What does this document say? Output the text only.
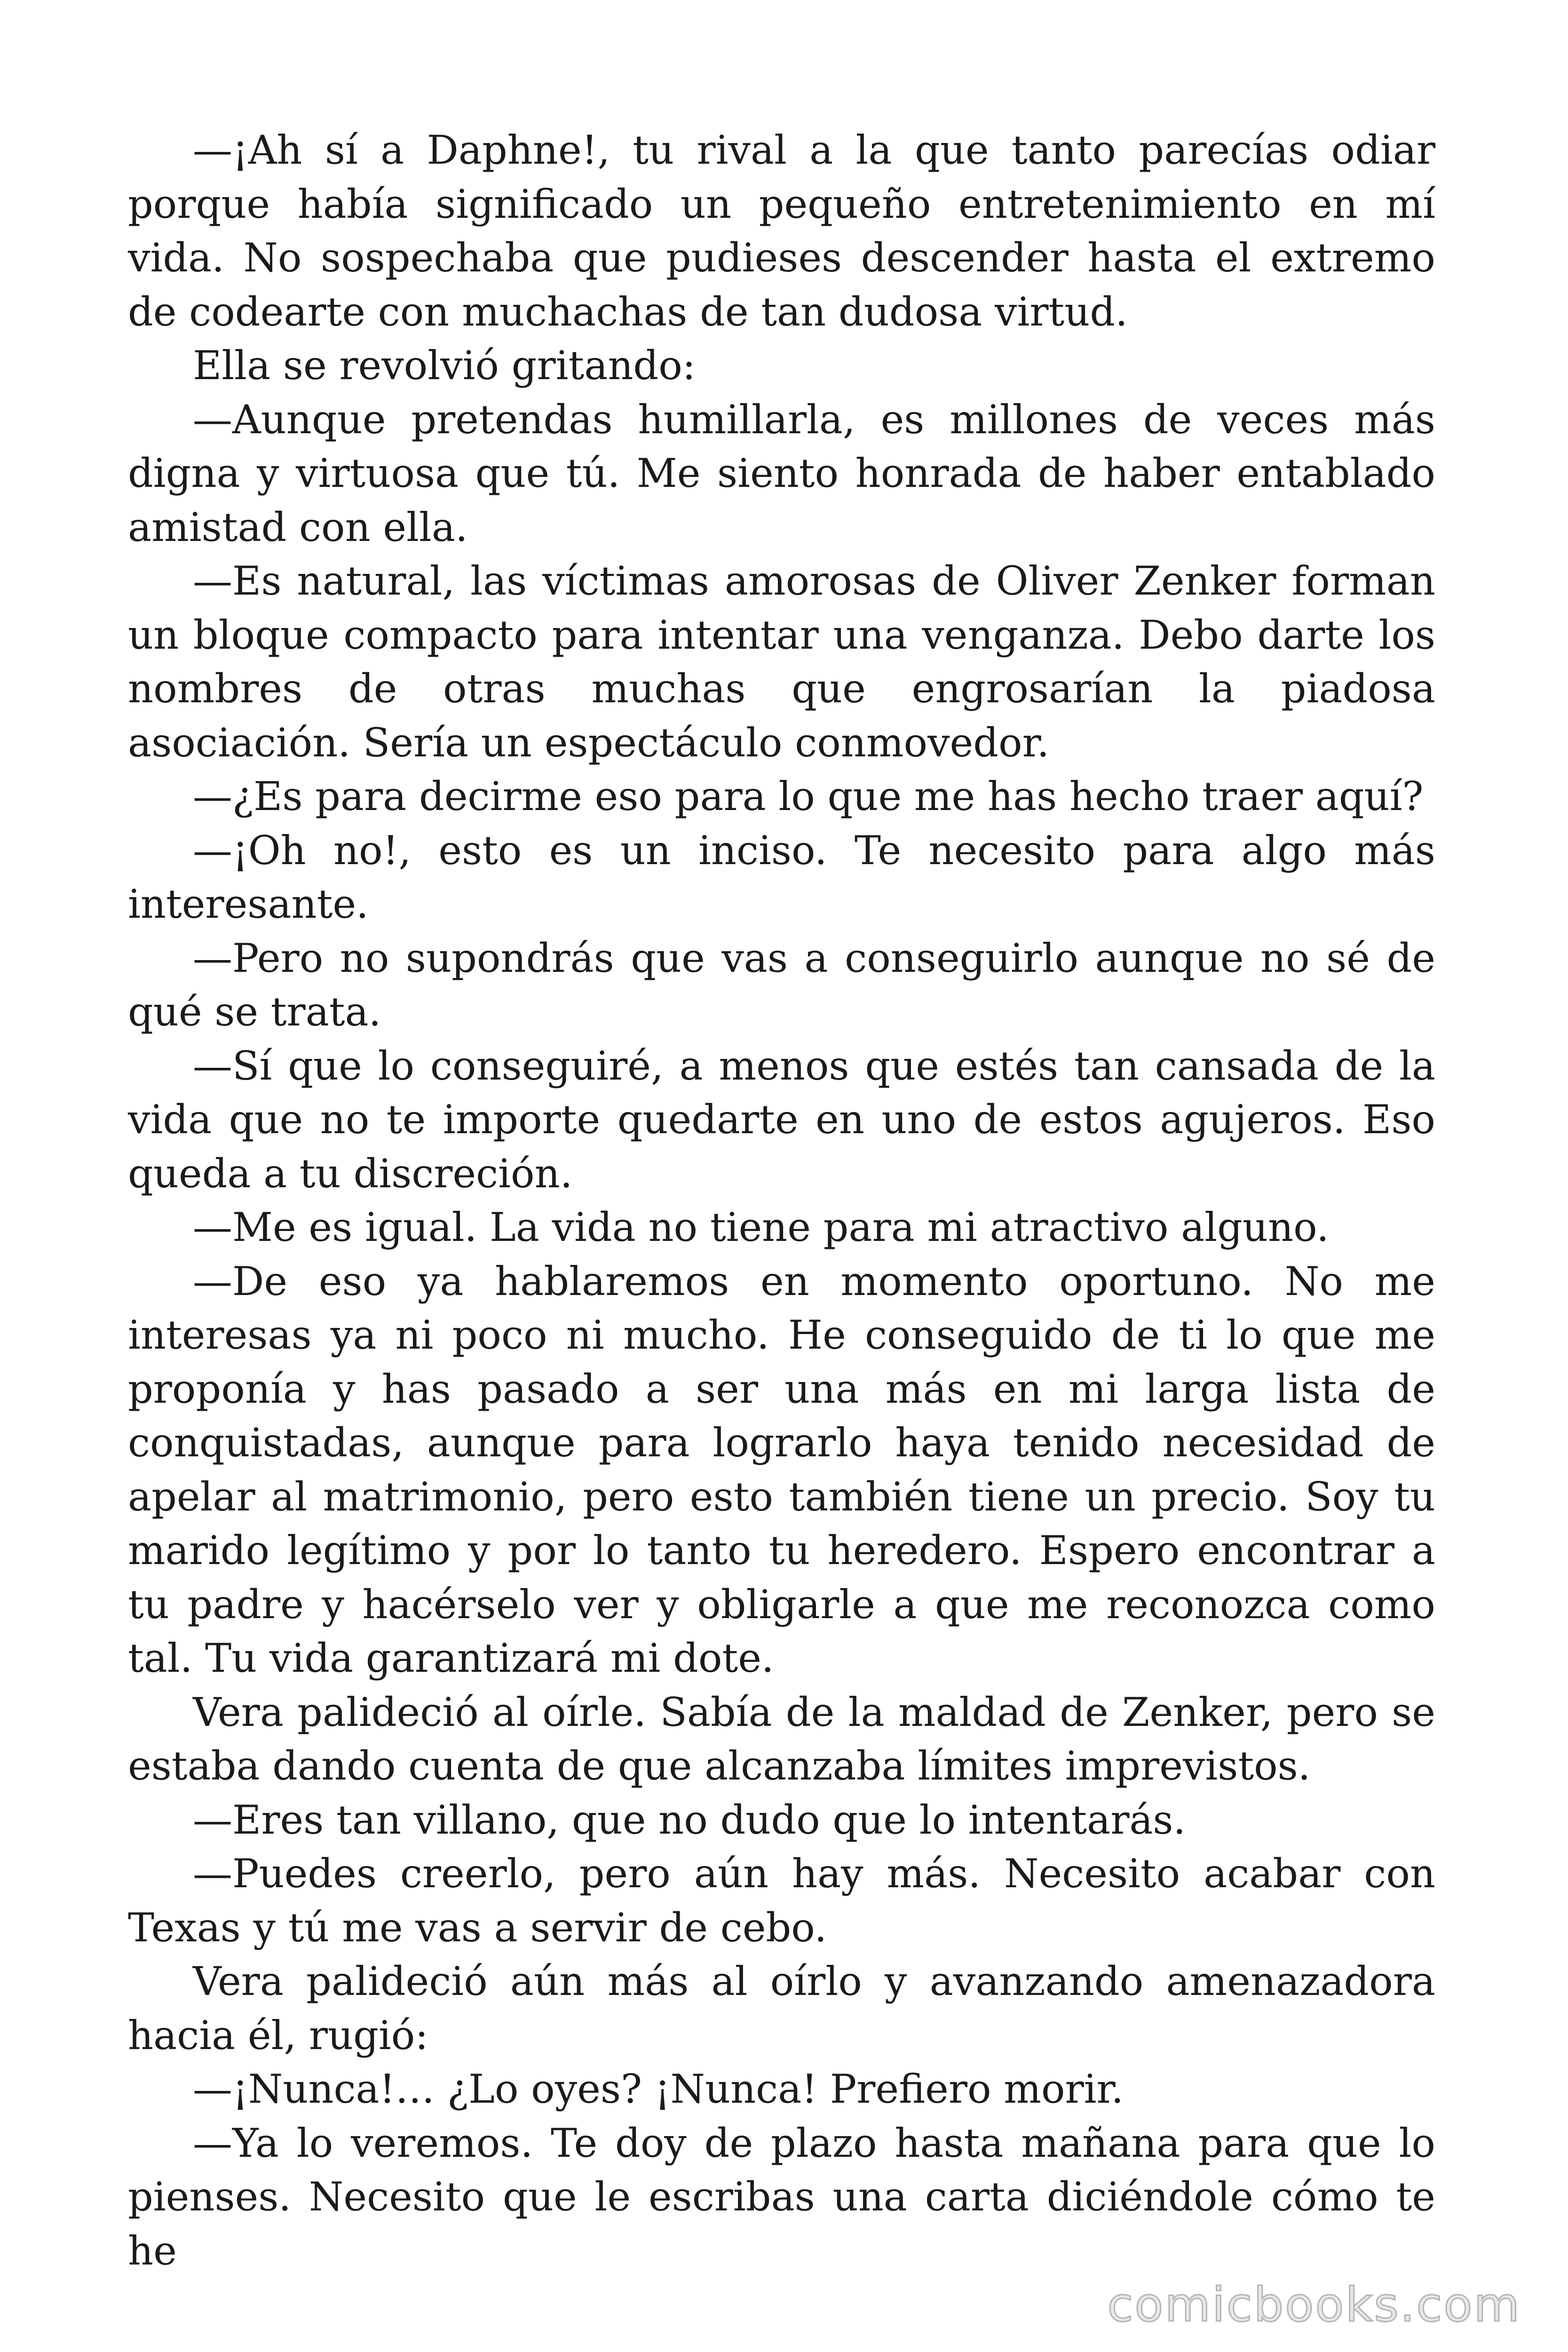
—¡Ah sí a Daphne!, tu rival a la que tanto parecías odiar porque había significado un pequeño entretenimiento en mí vida. No sospechaba que pudieses descender hasta el extremo de codearte con muchachas de tan dudosa virtud.

Ella se revolvió gritando:

—Aunque pretendas humillarla, es millones de veces más digna y virtuosa que tú. Me siento honrada de haber entablado amistad con ella.

—Es natural, las víctimas amorosas de Oliver Zenker forman un bloque compacto para intentar una venganza. Debo darte los nombres de otras muchas que engrosarían la piadosa asociación. Sería un espectáculo conmovedor.

—¿Es para decirme eso para lo que me has hecho traer aquí?

—¡Oh no!, esto es un inciso. Te necesito para algo más interesante.

—Pero no supondrás que vas a conseguirlo aunque no sé de qué se trata.

—Sí que lo conseguiré, a menos que estés tan cansada de la vida que no te importe quedarte en uno de estos agujeros. Eso queda a tu discreción.

—Me es igual. La vida no tiene para mi atractivo alguno.

—De eso ya hablaremos en momento oportuno. No me interesas ya ni poco ni mucho. He conseguido de ti lo que me proponía y has pasado a ser una más en mi larga lista de conquistadas, aunque para lograrlo haya tenido necesidad de apelar al matrimonio, pero esto también tiene un precio. Soy tu marido legítimo y por lo tanto tu heredero. Espero encontrar a tu padre y hacérselo ver y obligarle a que me reconozca como tal. Tu vida garantizará mi dote.

Vera palideció al oírle. Sabía de la maldad de Zenker, pero se estaba dando cuenta de que alcanzaba límites imprevistos.

—Eres tan villano, que no dudo que lo intentarás.

—Puedes creerlo, pero aún hay más. Necesito acabar con Texas y tú me vas a servir de cebo.

Vera palideció aún más al oírlo y avanzando amenazadora hacia él, rugió:

—¡Nunca!… ¿Lo oyes? ¡Nunca! Prefiero morir.

—Ya lo veremos. Te doy de plazo hasta mañana para que lo pienses. Necesito que le escribas una carta diciéndole cómo te he

comicbooks.com
